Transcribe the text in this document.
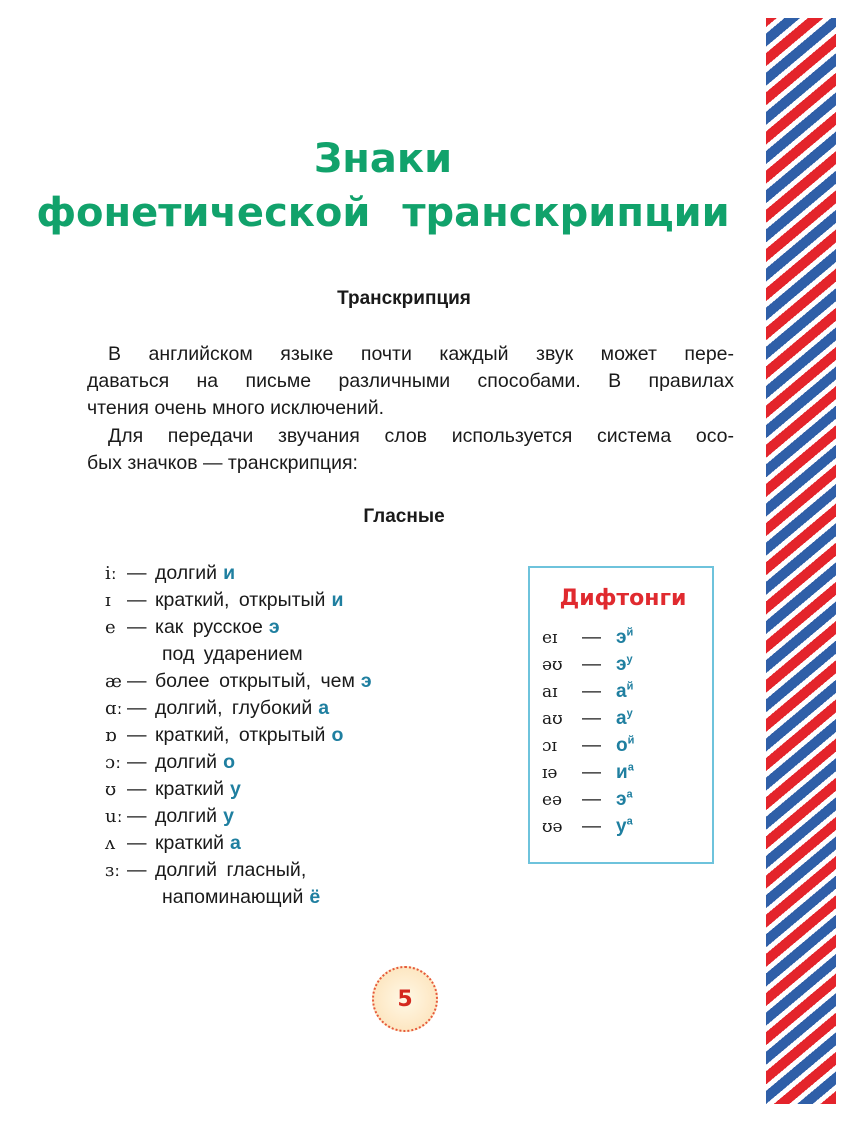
Знаки
фонетической транскрипции
Транскрипция
В английском языке почти каждый звук может пере-
даваться на письме различными способами. В правилах
чтения очень много исключений.
Для передачи звучания слов используется система осо-
бых значков — транскрипция:
Гласные
iː — долгий и
ɪ — краткий, открытый и
e — как русское э
под ударением
æ — более открытый, чем э
ɑː — долгий, глубокий а
ɒ — краткий, открытый о
ɔː — долгий о
ʊ — краткий у
uː — долгий у
ʌ — краткий а
ɜː — долгий гласный,
напоминающий ё
Дифтонги
eɪ — $э^й$
əʊ — $э^у$
aɪ — $а^й$
aʊ — $а^у$
ɔɪ — $о^й$
ɪə — $и^а$
eə — $э^а$
ʊə — $у^а$
5
